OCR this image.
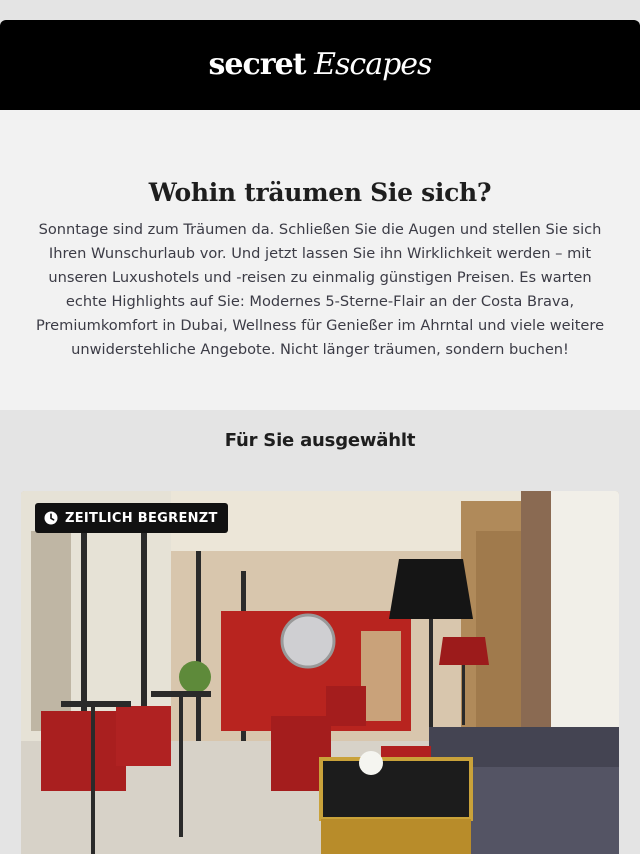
secret Escapes
Wohin träumen Sie sich?

Sonntage sind zum Träumen da. Schließen Sie die Augen und stellen Sie sich Ihren Wunschurlaub vor. Und jetzt lassen Sie ihn Wirklichkeit werden – mit unseren Luxushotels und -reisen zu einmalig günstigen Preisen. Es warten echte Highlights auf Sie: Modernes 5-Sterne-Flair an der Costa Brava, Premiumkomfort in Dubai, Wellness für Genießer im Ahrntal und viele weitere unwiderstehliche Angebote. Nicht länger träumen, sondern buchen!

Für Sie ausgewählt
ZEITLICH BEGRENZT
